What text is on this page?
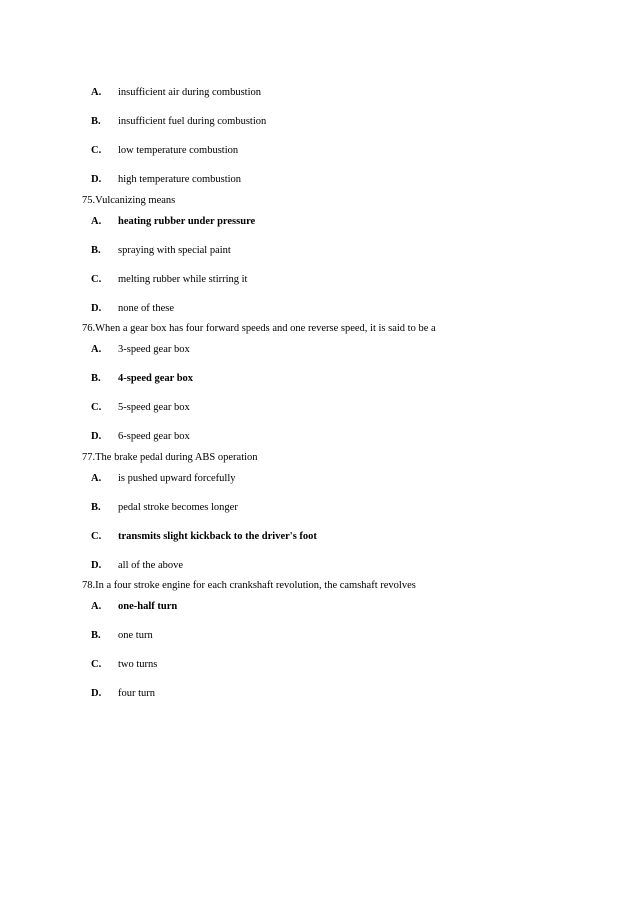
A. insufficient air during combustion
B. insufficient fuel during combustion
C. low temperature combustion
D. high temperature combustion
75.Vulcanizing means
A. heating rubber under pressure
B. spraying with special paint
C. melting rubber while stirring it
D. none of these
76.When a gear box has four forward speeds and one reverse speed, it is said to be a
A. 3-speed gear box
B. 4-speed gear box
C. 5-speed gear box
D. 6-speed gear box
77.The brake pedal during ABS operation
A. is pushed upward forcefully
B. pedal stroke becomes longer
C. transmits slight kickback to the driver's foot
D. all of the above
78.In a four stroke engine for each crankshaft revolution, the camshaft revolves
A. one-half turn
B. one turn
C. two turns
D. four turn
